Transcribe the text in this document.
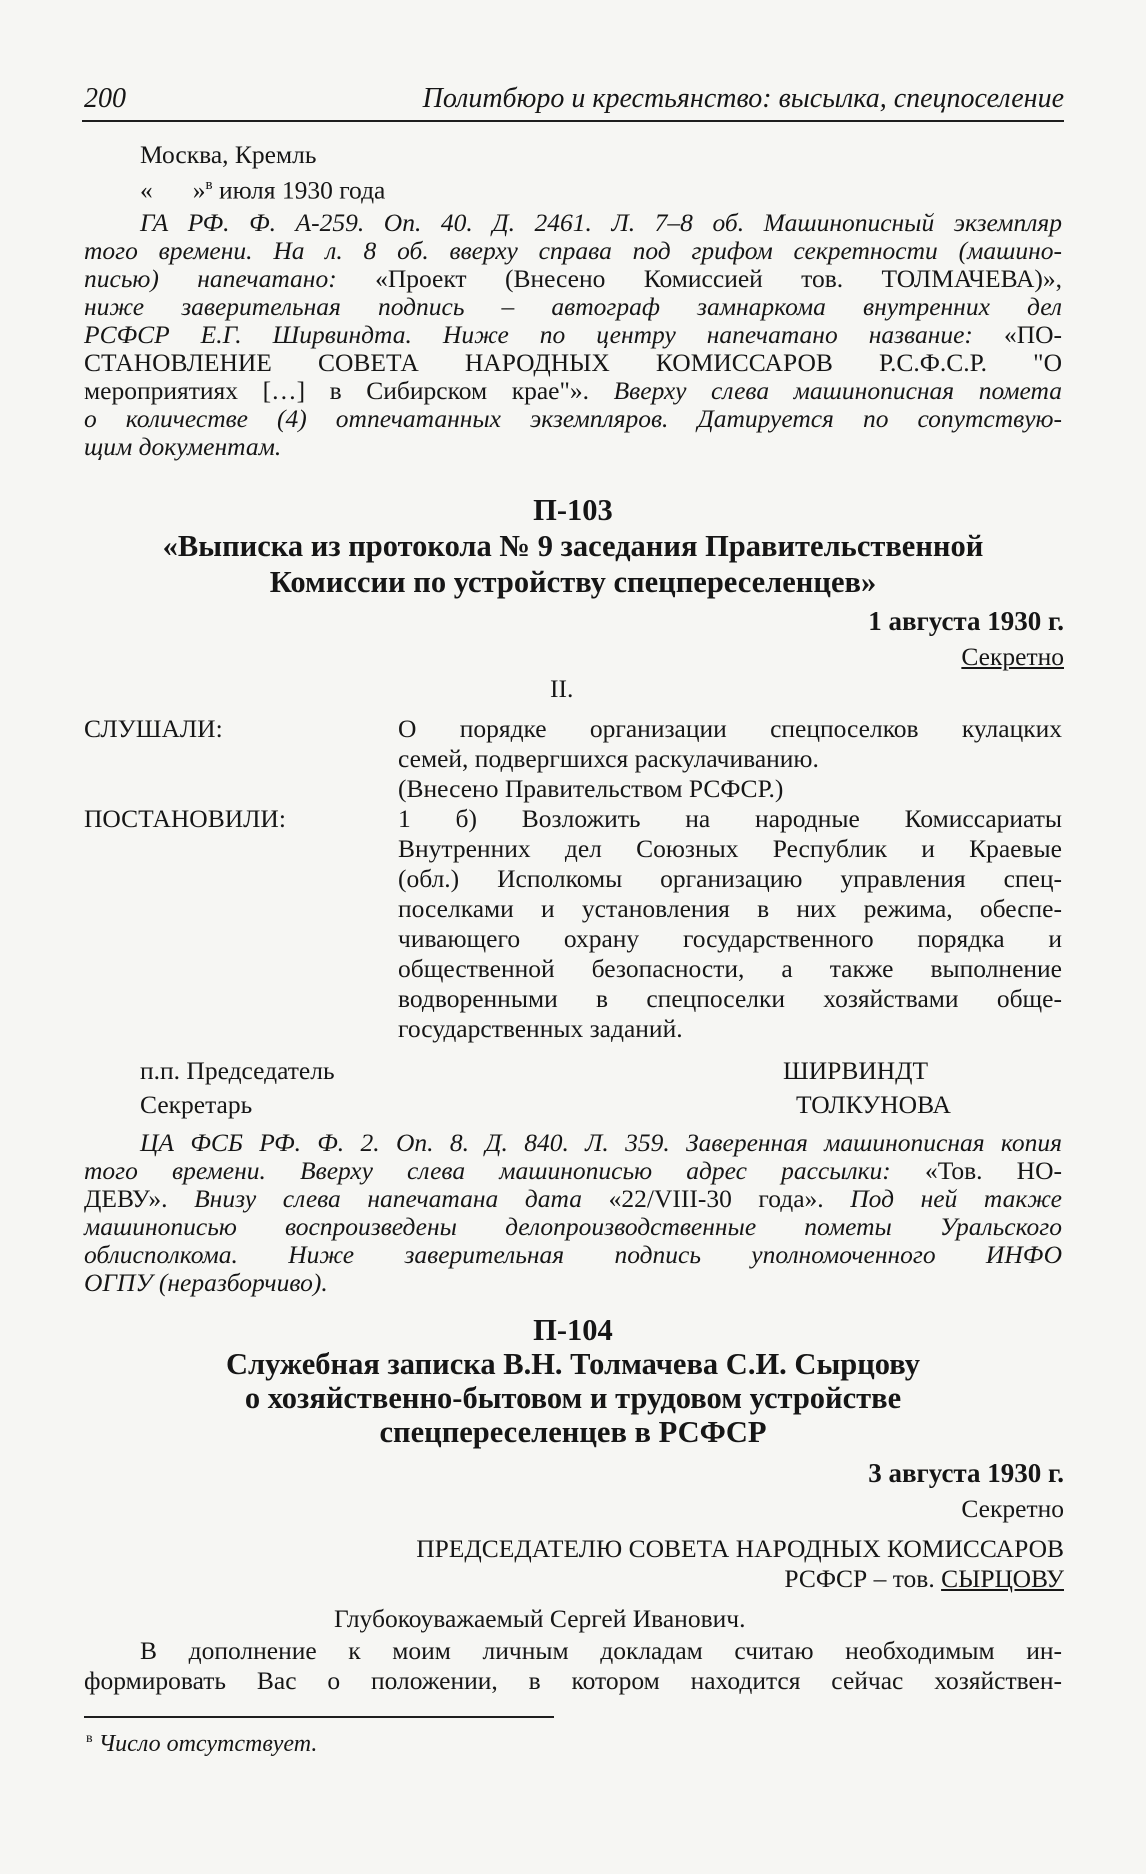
200	Политбюро и крестьянство: высылка, спецпоселение
Москва, Кремль
« »$^в$ июля 1930 года
ГА РФ. Ф. А-259. Оп. 40. Д. 2461. Л. 7–8 об. Машинописный экземпляр
того времени. На л. 8 об. вверху справа под грифом секретности (машино-
писью) напечатано: «Проект (Внесено Комиссией тов. ТОЛМАЧЕВА)»,
ниже заверительная подпись – автограф замнаркома внутренних дел
РСФСР Е.Г. Ширвиндта. Ниже по центру напечатано название: «ПО-
СТАНОВЛЕНИЕ СОВЕТА НАРОДНЫХ КОМИССАРОВ Р.С.Ф.С.Р. "О
мероприятиях […] в Сибирском крае"». Вверху слева машинописная помета
о количестве (4) отпечатанных экземпляров. Датируется по сопутствую-
щим документам.
П-103
«Выписка из протокола № 9 заседания Правительственной
Комиссии по устройству спецпереселенцев»
1 августа 1930 г.
Секретно
II.
СЛУШАЛИ:	О порядке организации спецпоселков кулацких
семей, подвергшихся раскулачиванию.
(Внесено Правительством РСФСР.)
ПОСТАНОВИЛИ:	1 б) Возложить на народные Комиссариаты
Внутренних дел Союзных Республик и Краевые
(обл.) Исполкомы организацию управления спец-
поселками и установления в них режима, обеспе-
чивающего охрану государственного порядка и
общественной безопасности, а также выполнение
водворенными в спецпоселки хозяйствами обще-
государственных заданий.
п.п. Председатель	ШИРВИНДТ
Секретарь	ТОЛКУНОВА
ЦА ФСБ РФ. Ф. 2. Оп. 8. Д. 840. Л. 359. Заверенная машинописная копия
того времени. Вверху слева машинописью адрес рассылки: «Тов. НО-
ДЕВУ». Внизу слева напечатана дата «22/VIII-30 года». Под ней также
машинописью воспроизведены делопроизводственные пометы Уральского
облисполкома. Ниже заверительная подпись уполномоченного ИНФО
ОГПУ (неразборчиво).
П-104
Служебная записка В.Н. Толмачева С.И. Сырцову
о хозяйственно-бытовом и трудовом устройстве
спецпереселенцев в РСФСР
3 августа 1930 г.
Секретно
ПРЕДСЕДАТЕЛЮ СОВЕТА НАРОДНЫХ КОМИССАРОВ
РСФСР – тов. СЫРЦОВУ
Глубокоуважаемый Сергей Иванович.
В дополнение к моим личным докладам считаю необходимым ин-
формировать Вас о положении, в котором находится сейчас хозяйствен-
$^в$ Число отсутствует.
